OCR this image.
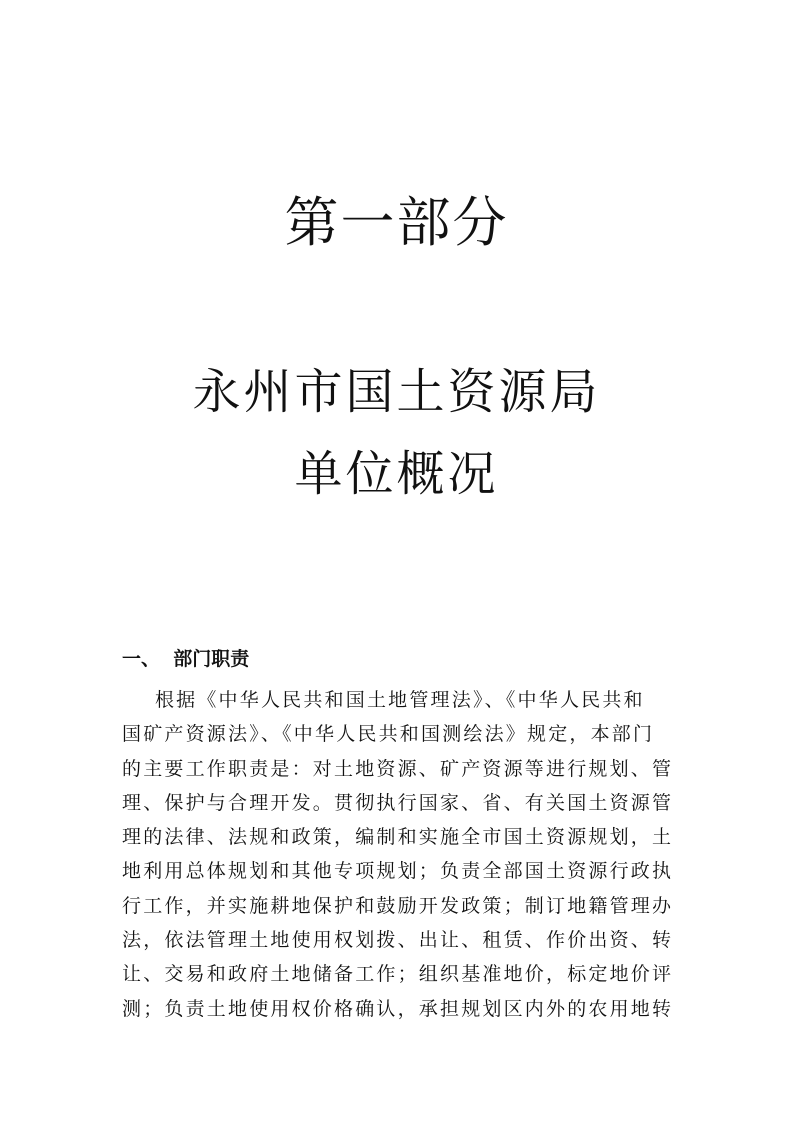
第一部分
永州市国土资源局
单位概况
一、  部门职责
根据《中华人民共和国土地管理法》、《中华人民共和
国矿产资源法》、《中华人民共和国测绘法》规定，本部门
的主要工作职责是：对土地资源、矿产资源等进行规划、管
理、保护与合理开发。贯彻执行国家、省、有关国土资源管
理的法律、法规和政策，编制和实施全市国土资源规划，土
地利用总体规划和其他专项规划；负责全部国土资源行政执
行工作，并实施耕地保护和鼓励开发政策；制订地籍管理办
法，依法管理土地使用权划拨、出让、租赁、作价出资、转
让、交易和政府土地储备工作；组织基准地价，标定地价评
测；负责土地使用权价格确认，承担规划区内外的农用地转
